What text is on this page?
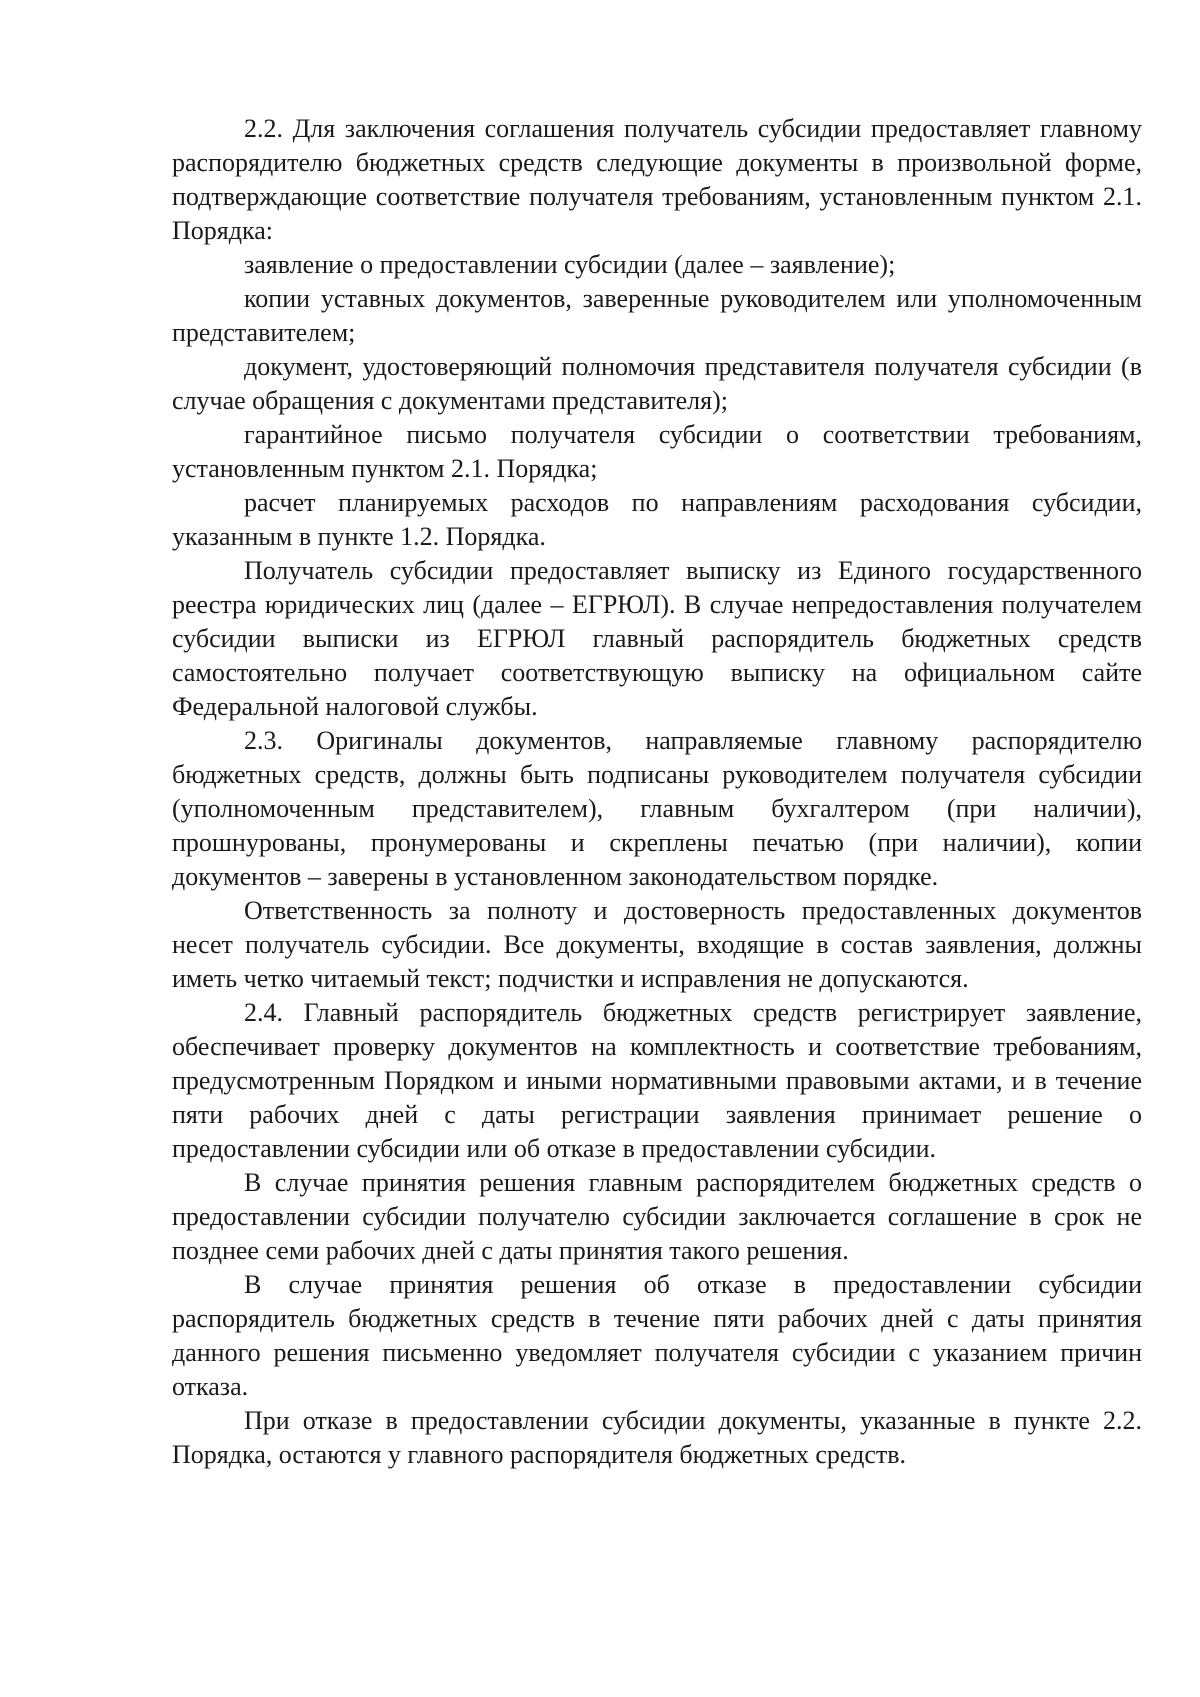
2.2. Для заключения соглашения получатель субсидии предоставляет главному распорядителю бюджетных средств следующие документы в произвольной форме, подтверждающие соответствие получателя требованиям, установленным пунктом 2.1. Порядка:

заявление о предоставлении субсидии (далее – заявление);

копии уставных документов, заверенные руководителем или уполномоченным представителем;

документ, удостоверяющий полномочия представителя получателя субсидии (в случае обращения с документами представителя);

гарантийное письмо получателя субсидии о соответствии требованиям, установленным пунктом 2.1. Порядка;

расчет планируемых расходов по направлениям расходования субсидии, указанным в пункте 1.2. Порядка.

Получатель субсидии предоставляет выписку из Единого государственного реестра юридических лиц (далее – ЕГРЮЛ). В случае непредоставления получателем субсидии выписки из ЕГРЮЛ главный распорядитель бюджетных средств самостоятельно получает соответствующую выписку на официальном сайте Федеральной налоговой службы.

2.3. Оригиналы документов, направляемые главному распорядителю бюджетных средств, должны быть подписаны руководителем получателя субсидии (уполномоченным представителем), главным бухгалтером (при наличии), прошнурованы, пронумерованы и скреплены печатью (при наличии), копии документов – заверены в установленном законодательством порядке.

Ответственность за полноту и достоверность предоставленных документов несет получатель субсидии. Все документы, входящие в состав заявления, должны иметь четко читаемый текст; подчистки и исправления не допускаются.

2.4. Главный распорядитель бюджетных средств регистрирует заявление, обеспечивает проверку документов на комплектность и соответствие требованиям, предусмотренным Порядком и иными нормативными правовыми актами, и в течение пяти рабочих дней с даты регистрации заявления принимает решение о предоставлении субсидии или об отказе в предоставлении субсидии.

В случае принятия решения главным распорядителем бюджетных средств о предоставлении субсидии получателю субсидии заключается соглашение в срок не позднее семи рабочих дней с даты принятия такого решения.

В случае принятия решения об отказе в предоставлении субсидии распорядитель бюджетных средств в течение пяти рабочих дней с даты принятия данного решения письменно уведомляет получателя субсидии с указанием причин отказа.

При отказе в предоставлении субсидии документы, указанные в пункте 2.2. Порядка, остаются у главного распорядителя бюджетных средств.
